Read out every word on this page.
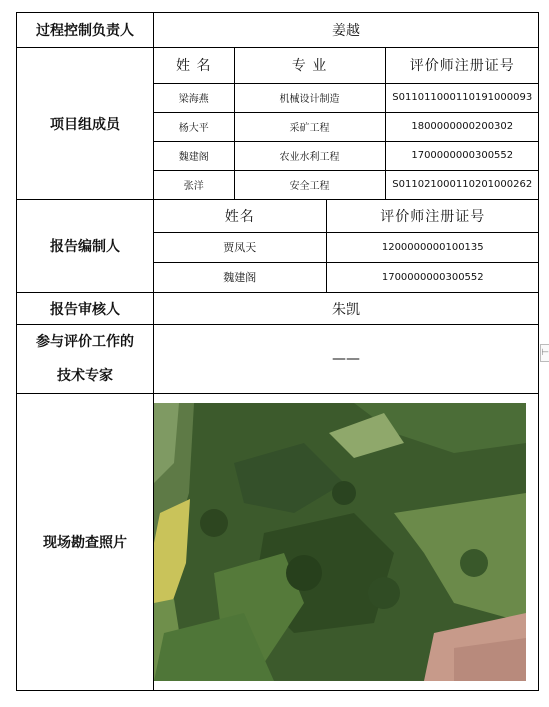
过程控制负责人	姜越
项目组成员	
姓 名	专 业	评价师注册证号
梁海燕	机械设计制造	S011011000110191000093
杨大平	采矿工程	1800000000200302
魏建阁	农业水利工程	1700000000300552
张洋	安全工程	S011021000110201000262

报告编制人	
姓名	评价师注册证号
贾凤天	1200000000100135
魏建阁	1700000000300552

报告审核人	朱凯
参与评价工作的
技术专家	——
现场勘查照片	
⊢
